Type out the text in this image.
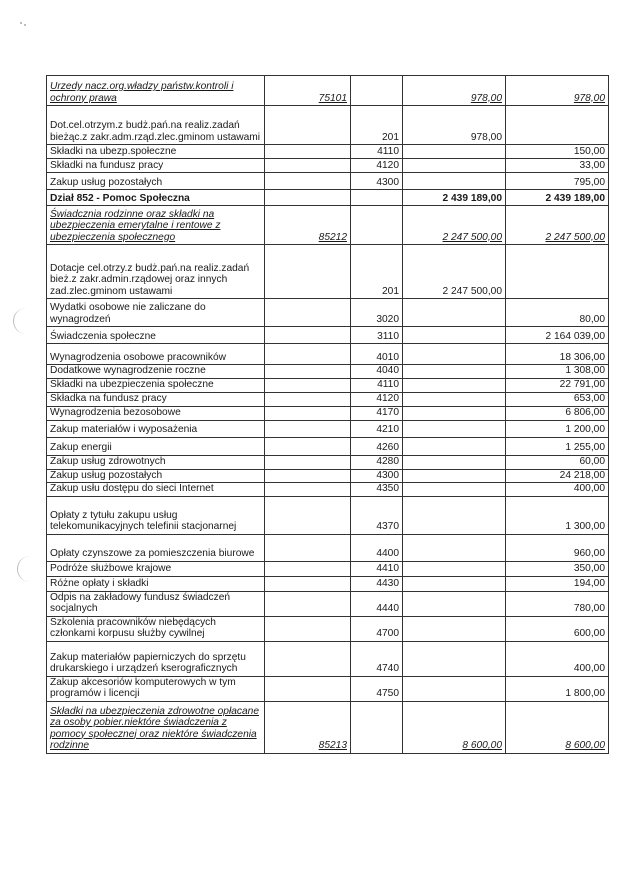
Urzedy nacz.org.władzy państw.kontroli i ochrony prawa	75101		978,00	978,00
Dot.cel.otrzym.z budż.pań.na realiz.zadań bieżąc.z zakr.adm.rząd.zlec.gminom ustawami		201	978,00	
Składki na ubezp.społeczne		4110		150,00
Składki na fundusz pracy		4120		33,00
Zakup usług pozostałych		4300		795,00
Dział 852 - Pomoc Społeczna			2 439 189,00	2 439 189,00
Świadcznia rodzinne oraz składki na ubezpieczenia emerytalne i rentowe z ubezpieczenia społecznego	85212		2 247 500,00	2 247 500,00
Dotacje cel.otrzy.z budż.pań.na realiz.zadań bież.z zakr.admin.rządowej oraz innych zad.zlec.gminom ustawami		201	2 247 500,00	
Wydatki osobowe nie zaliczane do wynagrodzeń		3020		80,00
Świadczenia społeczne		3110		2 164 039,00
Wynagrodzenia osobowe pracowników		4010		18 306,00
Dodatkowe wynagrodzenie roczne		4040		1 308,00
Składki na ubezpieczenia społeczne		4110		22 791,00
Składka na fundusz pracy		4120		653,00
Wynagrodzenia bezosobowe		4170		6 806,00
Zakup materiałów i wyposażenia		4210		1 200,00
Zakup energii		4260		1 255,00
Zakup usług zdrowotnych		4280		60,00
Zakup usług pozostałych		4300		24 218,00
Zakup usłu dostępu do sieci Internet		4350		400,00
Opłaty z tytułu zakupu usług telekomunikacyjnych telefinii stacjonarnej		4370		1 300,00
Opłaty czynszowe za pomieszczenia biurowe		4400		960,00
Podróże służbowe krajowe		4410		350,00
Różne opłaty i składki		4430		194,00
Odpis na zakładowy fundusz świadczeń socjalnych		4440		780,00
Szkolenia pracowników niebędących członkami korpusu służby cywilnej		4700		600,00
Zakup materiałów papierniczych do sprzętu drukarskiego i urządzeń kserograficznych		4740		400,00
Zakup akcesoriów komputerowych w tym programów i licencji		4750		1 800,00
Składki na ubezpieczenia zdrowotne opłacane za osoby pobier.niektóre świadczenia z pomocy społecznej oraz niektóre świadczenia rodzinne	85213		8 600,00	8 600,00
